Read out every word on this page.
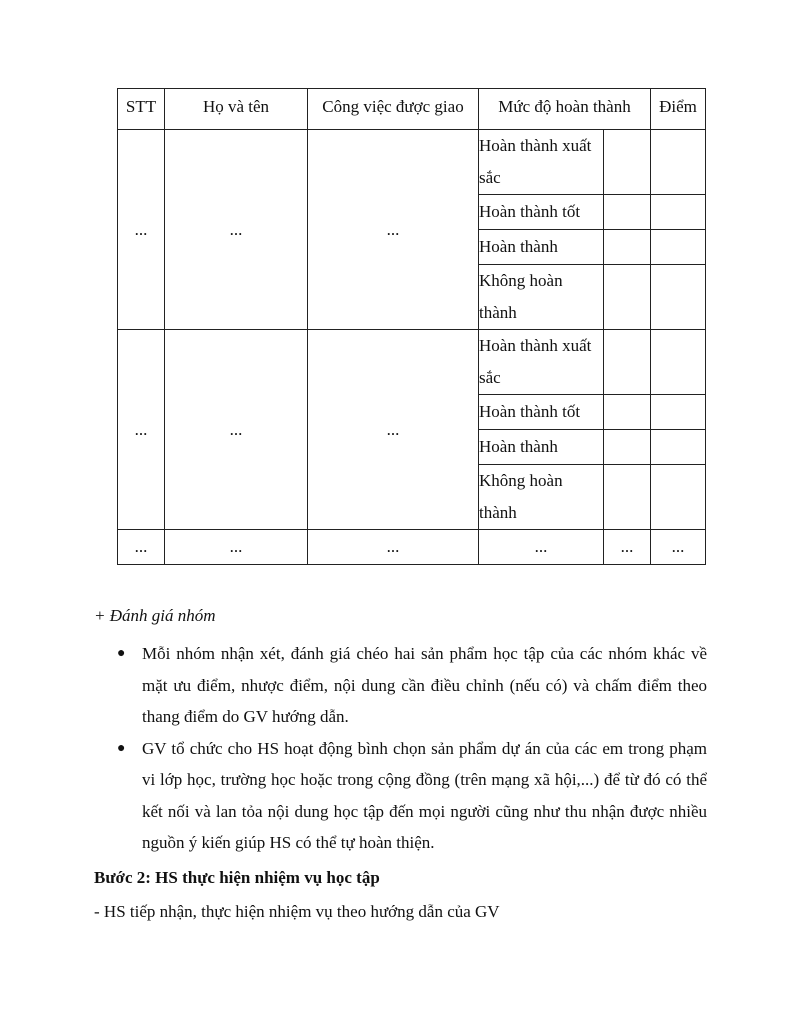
STT	Họ và tên	Công việc được giao	Mức độ hoàn thành		Điểm
...	...	...	Hoàn thành xuất sắc		
			Hoàn thành tốt		
			Hoàn thành		
			Không hoàn thành		
...	...	...	Hoàn thành xuất sắc		
			Hoàn thành tốt		
			Hoàn thành		
			Không hoàn thành		
...	...	...	...	...	...
+ Đánh giá nhóm
● Mỗi nhóm nhận xét, đánh giá chéo hai sản phẩm học tập của các nhóm khác về mặt ưu điểm, nhược điểm, nội dung cần điều chỉnh (nếu có) và chấm điểm theo thang điểm do GV hướng dẫn.
● GV tổ chức cho HS hoạt động bình chọn sản phẩm dự án của các em trong phạm vi lớp học, trường học hoặc trong cộng đồng (trên mạng xã hội,...) để từ đó có thể kết nối và lan tỏa nội dung học tập đến mọi người cũng như thu nhận được nhiều nguồn ý kiến giúp HS có thể tự hoàn thiện.
Bước 2: HS thực hiện nhiệm vụ học tập
- HS tiếp nhận, thực hiện nhiệm vụ theo hướng dẫn của GV
